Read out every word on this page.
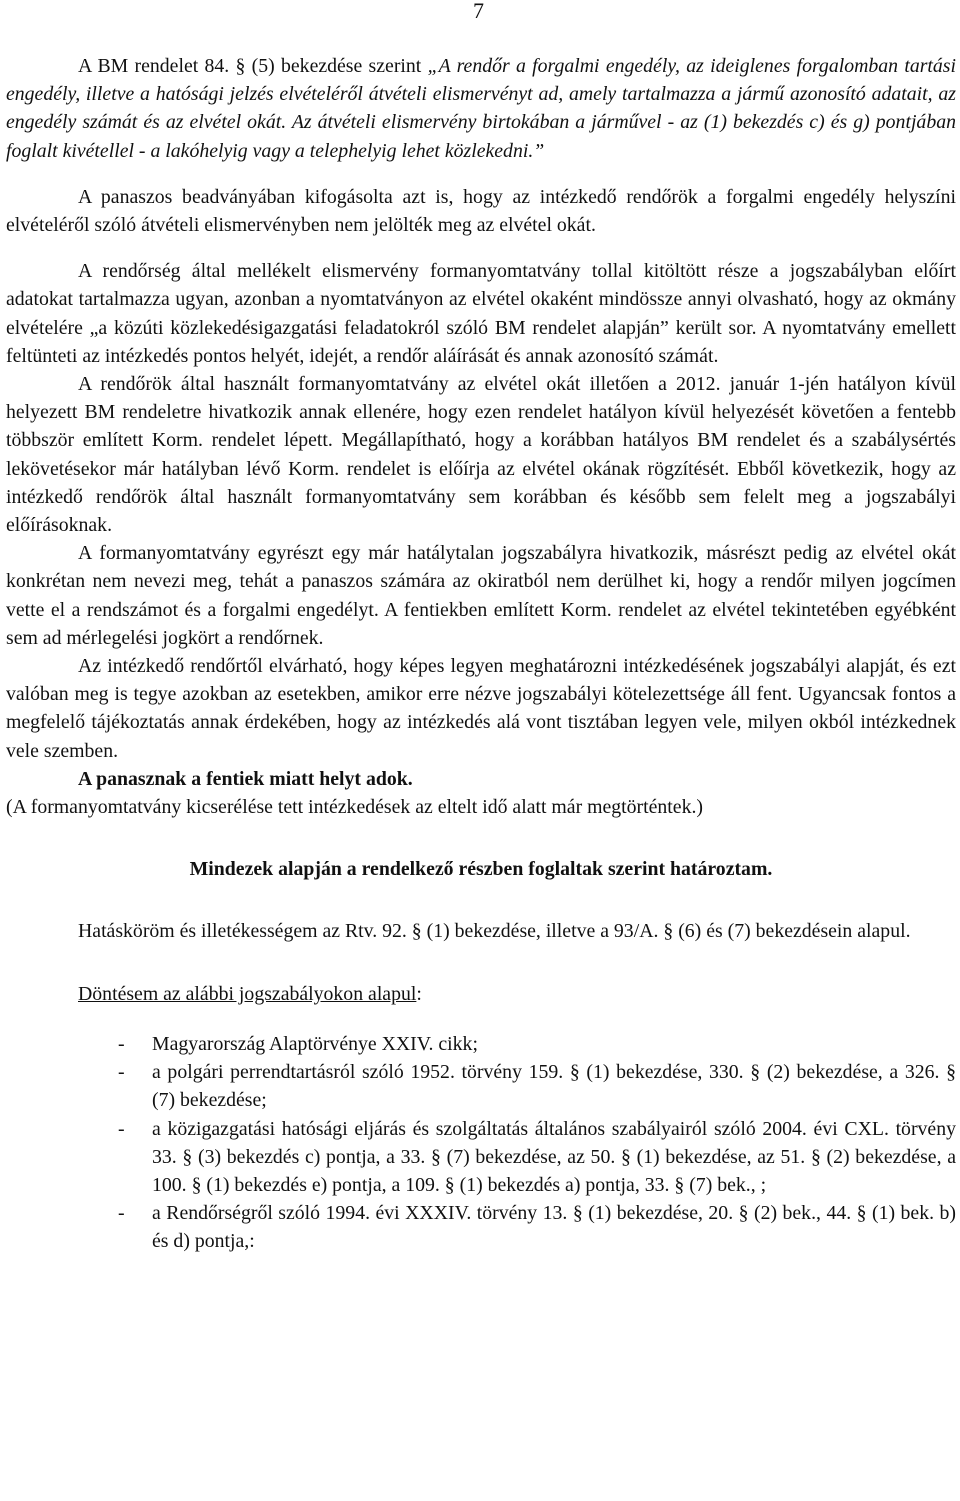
7

A BM rendelet 84. § (5) bekezdése szerint „A rendőr a forgalmi engedély, az ideiglenes forgalomban tartási engedély, illetve a hatósági jelzés elvételéről átvételi elismervényt ad, amely tartalmazza a jármű azonosító adatait, az engedély számát és az elvétel okát. Az átvételi elismervény birtokában a járművel - az (1) bekezdés c) és g) pontjában foglalt kivétellel - a lakóhelyig vagy a telephelyig lehet közlekedni.”

A panaszos beadványában kifogásolta azt is, hogy az intézkedő rendőrök a forgalmi engedély helyszíni elvételéről szóló átvételi elismervényben nem jelölték meg az elvétel okát.

A rendőrség által mellékelt elismervény formanyomtatvány tollal kitöltött része a jogszabályban előírt adatokat tartalmazza ugyan, azonban a nyomtatványon az elvétel okaként mindössze annyi olvasható, hogy az okmány elvételére „a közúti közlekedésigazgatási feladatokról szóló BM rendelet alapján” került sor. A nyomtatvány emellett feltünteti az intézkedés pontos helyét, idejét, a rendőr aláírását és annak azonosító számát.

A rendőrök által használt formanyomtatvány az elvétel okát illetően a 2012. január 1-jén hatályon kívül helyezett BM rendeletre hivatkozik annak ellenére, hogy ezen rendelet hatályon kívül helyezését követően a fentebb többször említett Korm. rendelet lépett. Megállapítható, hogy a korábban hatályos BM rendelet és a szabálysértés lekövetésekor már hatályban lévő Korm. rendelet is előírja az elvétel okának rögzítését. Ebből következik, hogy az intézkedő rendőrök által használt formanyomtatvány sem korábban és később sem felelt meg a jogszabályi előírásoknak.

A formanyomtatvány egyrészt egy már hatálytalan jogszabályra hivatkozik, másrészt pedig az elvétel okát konkrétan nem nevezi meg, tehát a panaszos számára az okiratból nem derülhet ki, hogy a rendőr milyen jogcímen vette el a rendszámot és a forgalmi engedélyt. A fentiekben említett Korm. rendelet az elvétel tekintetében egyébként sem ad mérlegelési jogkört a rendőrnek.

Az intézkedő rendőrtől elvárható, hogy képes legyen meghatározni intézkedésének jogszabályi alapját, és ezt valóban meg is tegye azokban az esetekben, amikor erre nézve jogszabályi kötelezettsége áll fent. Ugyancsak fontos a megfelelő tájékoztatás annak érdekében, hogy az intézkedés alá vont tisztában legyen vele, milyen okból intézkednek vele szemben.

A panasznak a fentiek miatt helyt adok.

(A formanyomtatvány kicserélése tett intézkedések az eltelt idő alatt már megtörténtek.)

Mindezek alapján a rendelkező részben foglaltak szerint határoztam.

Hatásköröm és illetékességem az Rtv. 92. § (1) bekezdése, illetve a 93/A. § (6) és (7) bekezdésein alapul.

Döntésem az alábbi jogszabályokon alapul:

- Magyarország Alaptörvénye XXIV. cikk;
- a polgári perrendtartásról szóló 1952. törvény 159. § (1) bekezdése, 330. § (2) bekezdése, a 326. § (7) bekezdése;
- a közigazgatási hatósági eljárás és szolgáltatás általános szabályairól szóló 2004. évi CXL. törvény 33. § (3) bekezdés c) pontja, a 33. § (7) bekezdése, az 50. § (1) bekezdése, az 51. § (2) bekezdése, a 100. § (1) bekezdés e) pontja, a 109. § (1) bekezdés a) pontja, 33. § (7) bek., ;
- a Rendőrségről szóló 1994. évi XXXIV. törvény 13. § (1) bekezdése, 20. § (2) bek., 44. § (1) bek. b) és d) pontja,:
